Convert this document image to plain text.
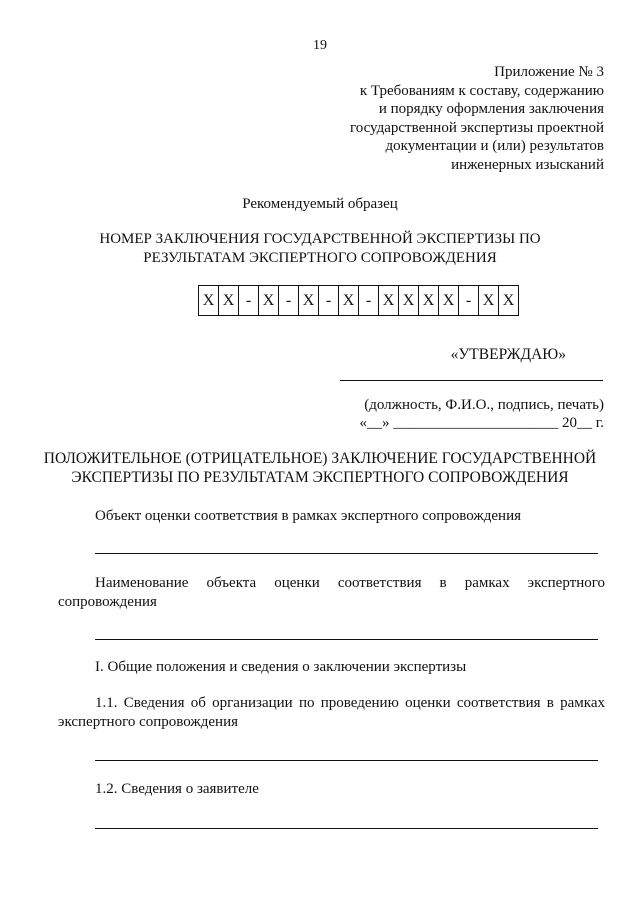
19
Приложение № 3
к Требованиям к составу, содержанию
и порядку оформления заключения
государственной экспертизы проектной
документации и (или) результатов
инженерных изысканий
Рекомендуемый образец
НОМЕР ЗАКЛЮЧЕНИЯ ГОСУДАРСТВЕННОЙ ЭКСПЕРТИЗЫ ПО
РЕЗУЛЬТАТАМ ЭКСПЕРТНОГО СОПРОВОЖДЕНИЯ
X X - X - X - X - X X X X - X X
«УТВЕРЖДАЮ»
(должность, Ф.И.О., подпись, печать)
«__» ______________________ 20__ г.
ПОЛОЖИТЕЛЬНОЕ (ОТРИЦАТЕЛЬНОЕ) ЗАКЛЮЧЕНИЕ ГОСУДАРСТВЕННОЙ
ЭКСПЕРТИЗЫ ПО РЕЗУЛЬТАТАМ ЭКСПЕРТНОГО СОПРОВОЖДЕНИЯ
Объект оценки соответствия в рамках экспертного сопровождения
Наименование объекта оценки соответствия в рамках экспертного сопровождения
I. Общие положения и сведения о заключении экспертизы
1.1. Сведения об организации по проведению оценки соответствия в рамках экспертного сопровождения
1.2. Сведения о заявителе
